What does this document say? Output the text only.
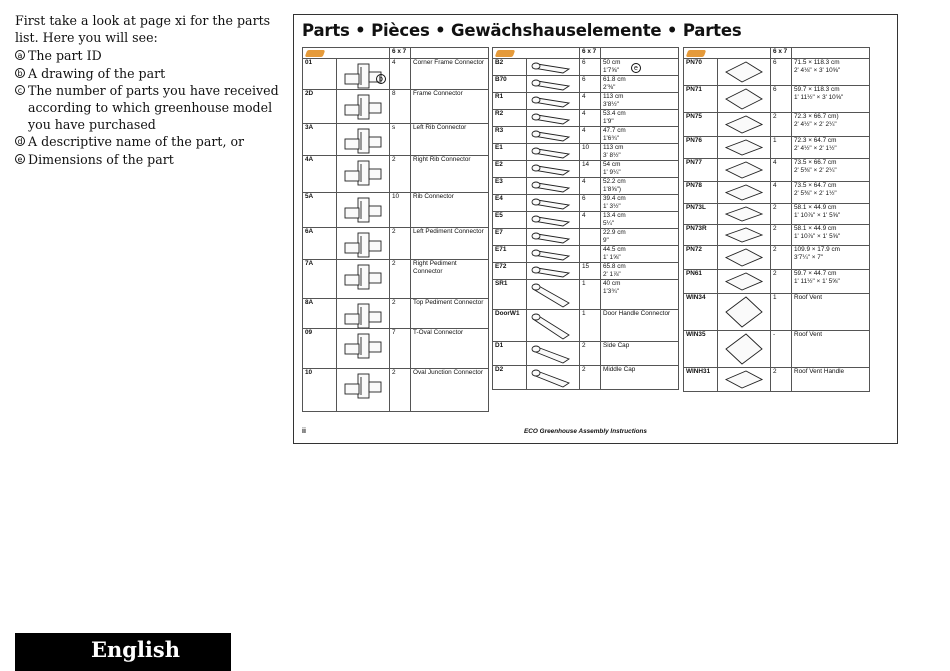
First take a look at page xi for the parts list. Here you will see:

a The part ID
b A drawing of the part
c The number of parts you have received according to which greenhouse model you have purchased
d A descriptive name of the part, or
e Dimensions of the part
English
Parts • Pièces • Gewächshauselemente • Partes
		6 x 7	
01	b	4	Corner Frame Connector
2D		8	Frame Connector
3A		s	Left Rib Connector
4A		2	Right Rib Connector
5A		10	Rib Connector
6A		2	Left Pediment Connector
7A		2	Right Pediment Connector
8A		2	Top Pediment Connector
09		7	T-Oval Connector
10		2	Oval Junction Connector
		6 x 7	
B2		6	50 cm
1'7⅝" e

B70		6	61.8 cm
2'⅜"

R1		4	113 cm
3'8½"

R2		4	53.4 cm
1'9"

R3		4	47.7 cm
1'6¾"

E1		10	113 cm
3' 8½"

E2		14	54 cm
1' 9¼"

E3		4	52.2 cm
1'8⅝")

E4		6	39.4 cm
1' 3½"

E5		4	13.4 cm
5¼"

E7			22.9 cm
9"

E71			44.5 cm
1' 1⅝"

E72		15	65.8 cm
2' 1⅞"

SR1		1	40 cm
1'3¾"

DoorW1		1	Door Handle Connector

D1		2	Side Cap

D2		2	Middle Cap
		6 x 7	
PN70		6	71.5 × 118.3 cm
2' 4⅛" × 3' 10⅝"

PN71		6	59.7 × 118.3 cm
1' 11½" × 3' 10⅝"

PN75		2	72.3 × 66.7 cm)
2' 4½" × 2' 2¼"

PN76		1	72.3 × 64.7 cm
2' 4½" × 2' 1½"

PN77		4	73.5 × 66.7 cm
2' 5⅜" × 2' 2¼"

PN78		4	73.5 × 64.7 cm
2' 5⅜" × 2' 1½"

PN73L		2	58.1 × 44.9 cm
1' 10⅞" × 1' 5⅝"

PN73R		2	58.1 × 44.9 cm
1' 10⅞" × 1' 5⅝"

PN72		2	109.9 × 17.9 cm
3'7¼" × 7"

PN61		2	59.7 × 44.7 cm
1' 11½" × 1' 5⅝"

WIN34		1	Roof Vent

WIN35		-	Roof Vent

WINH31		2	Roof Vent Handle
ii	ECO Greenhouse Assembly Instructions
